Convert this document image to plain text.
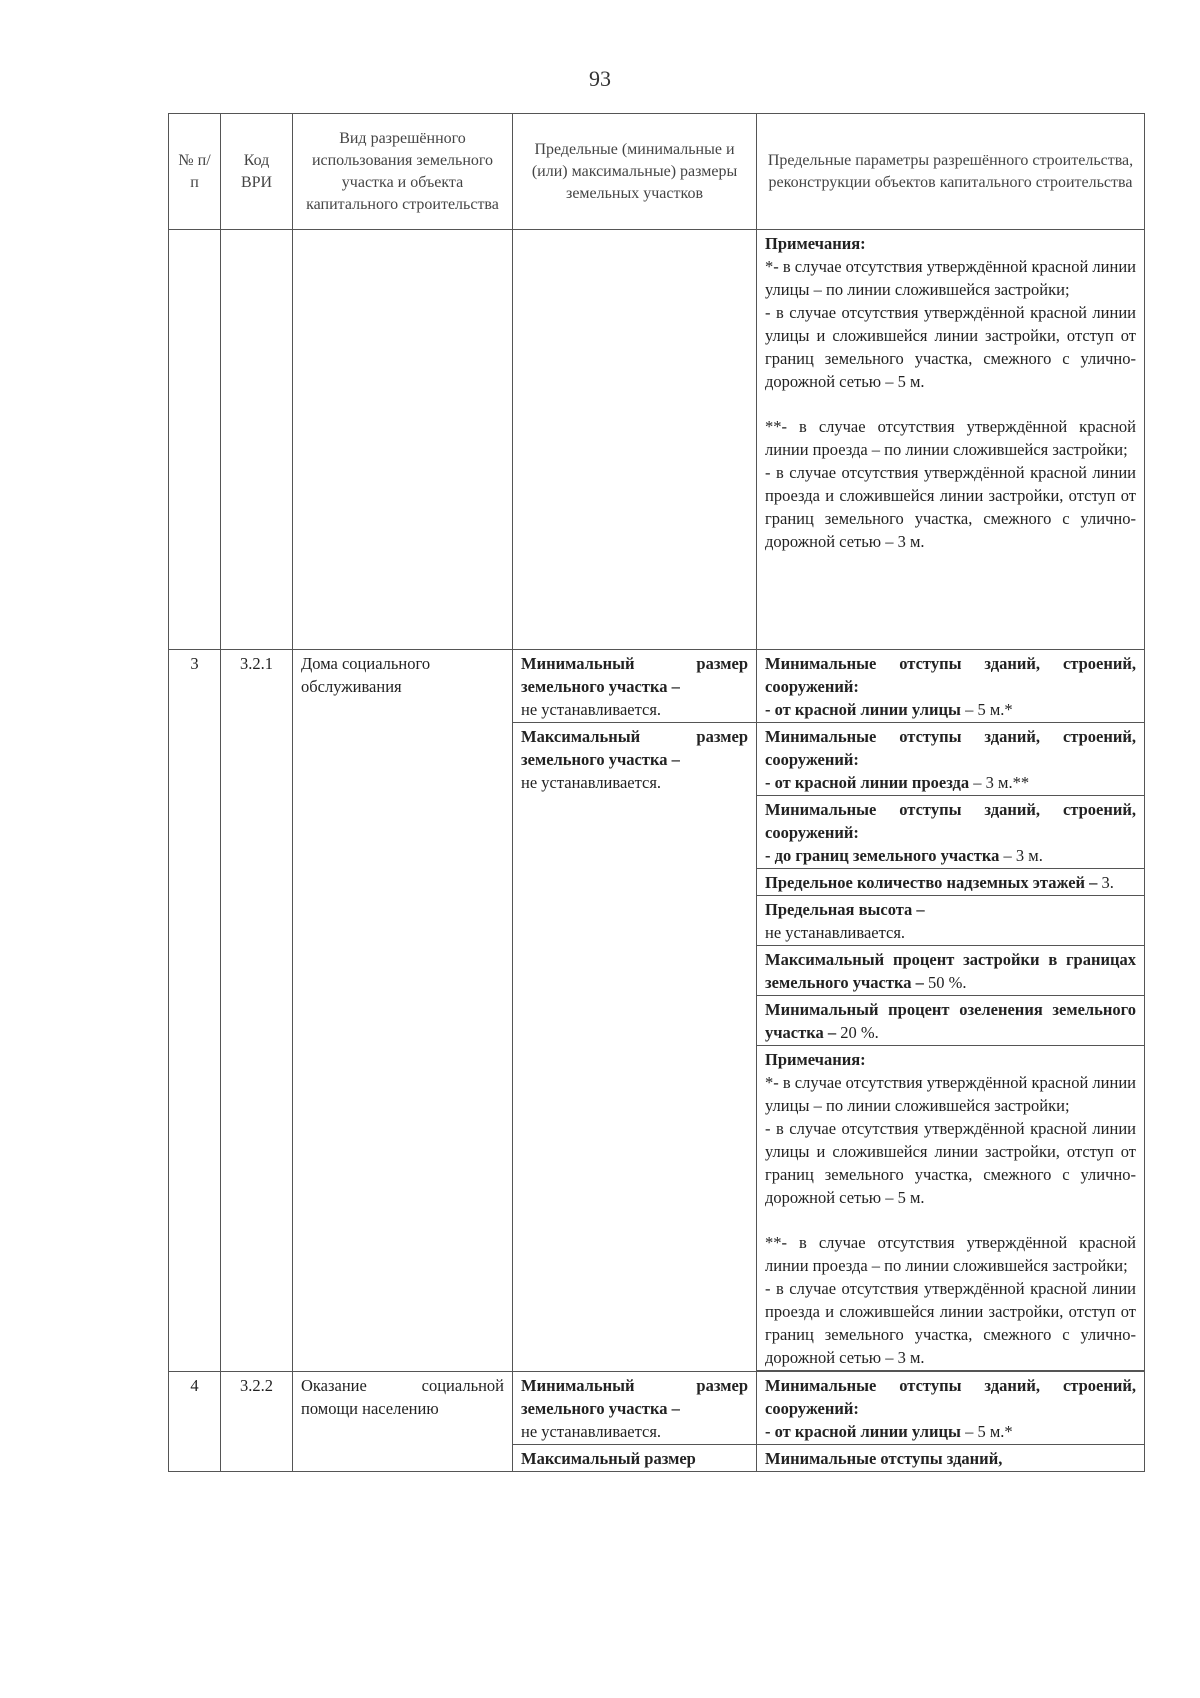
93
№ п/п	Код ВРИ	Вид разрешённого использования земельного участка и объекта капитального строительства	Предельные (минимальные и (или) максимальные) размеры земельных участков	Предельные параметры разрешённого строительства, реконструкции объектов капитального строительства

				Примечания:
*- в случае отсутствия утверждённой красной линии улицы – по линии сложившейся застройки;
- в случае отсутствия утверждённой красной линии улицы и сложившейся линии застройки, отступ от границ земельного участка, смежного с улично-дорожной сетью – 5 м.
**- в случае отсутствия утверждённой красной линии проезда – по линии сложившейся застройки;
- в случае отсутствия утверждённой красной линии проезда и сложившейся линии застройки, отступ от границ земельного участка, смежного с улично-дорожной сетью – 3 м.

3	3.2.1	Дома социального обслуживания	Минимальный размер земельного участка –
не устанавливается.	Минимальные отступы зданий, строений, сооружений:
- от красной линии улицы – 5 м.*
			Максимальный размер земельного участка –
не устанавливается.	Минимальные отступы зданий, строений, сооружений:
- от красной линии проезда – 3 м.**
				Минимальные отступы зданий, строений, сооружений:
- до границ земельного участка – 3 м.
				Предельное количество надземных этажей – 3.
				Предельная высота –
не устанавливается.
				Максимальный процент застройки в границах земельного участка – 50 %.
				Минимальный процент озеленения земельного участка – 20 %.

				Примечания:
*- в случае отсутствия утверждённой красной линии улицы – по линии сложившейся застройки;
- в случае отсутствия утверждённой красной линии улицы и сложившейся линии застройки, отступ от границ земельного участка, смежного с улично-дорожной сетью – 5 м.
**- в случае отсутствия утверждённой красной линии проезда – по линии сложившейся застройки;
- в случае отсутствия утверждённой красной линии проезда и сложившейся линии застройки, отступ от границ земельного участка, смежного с улично-дорожной сетью – 3 м.

4	3.2.2	Оказание социальной помощи населению	Минимальный размер земельного участка –
не устанавливается.	Минимальные отступы зданий, строений, сооружений:
- от красной линии улицы – 5 м.*
			Максимальный размер	Минимальные отступы зданий,
